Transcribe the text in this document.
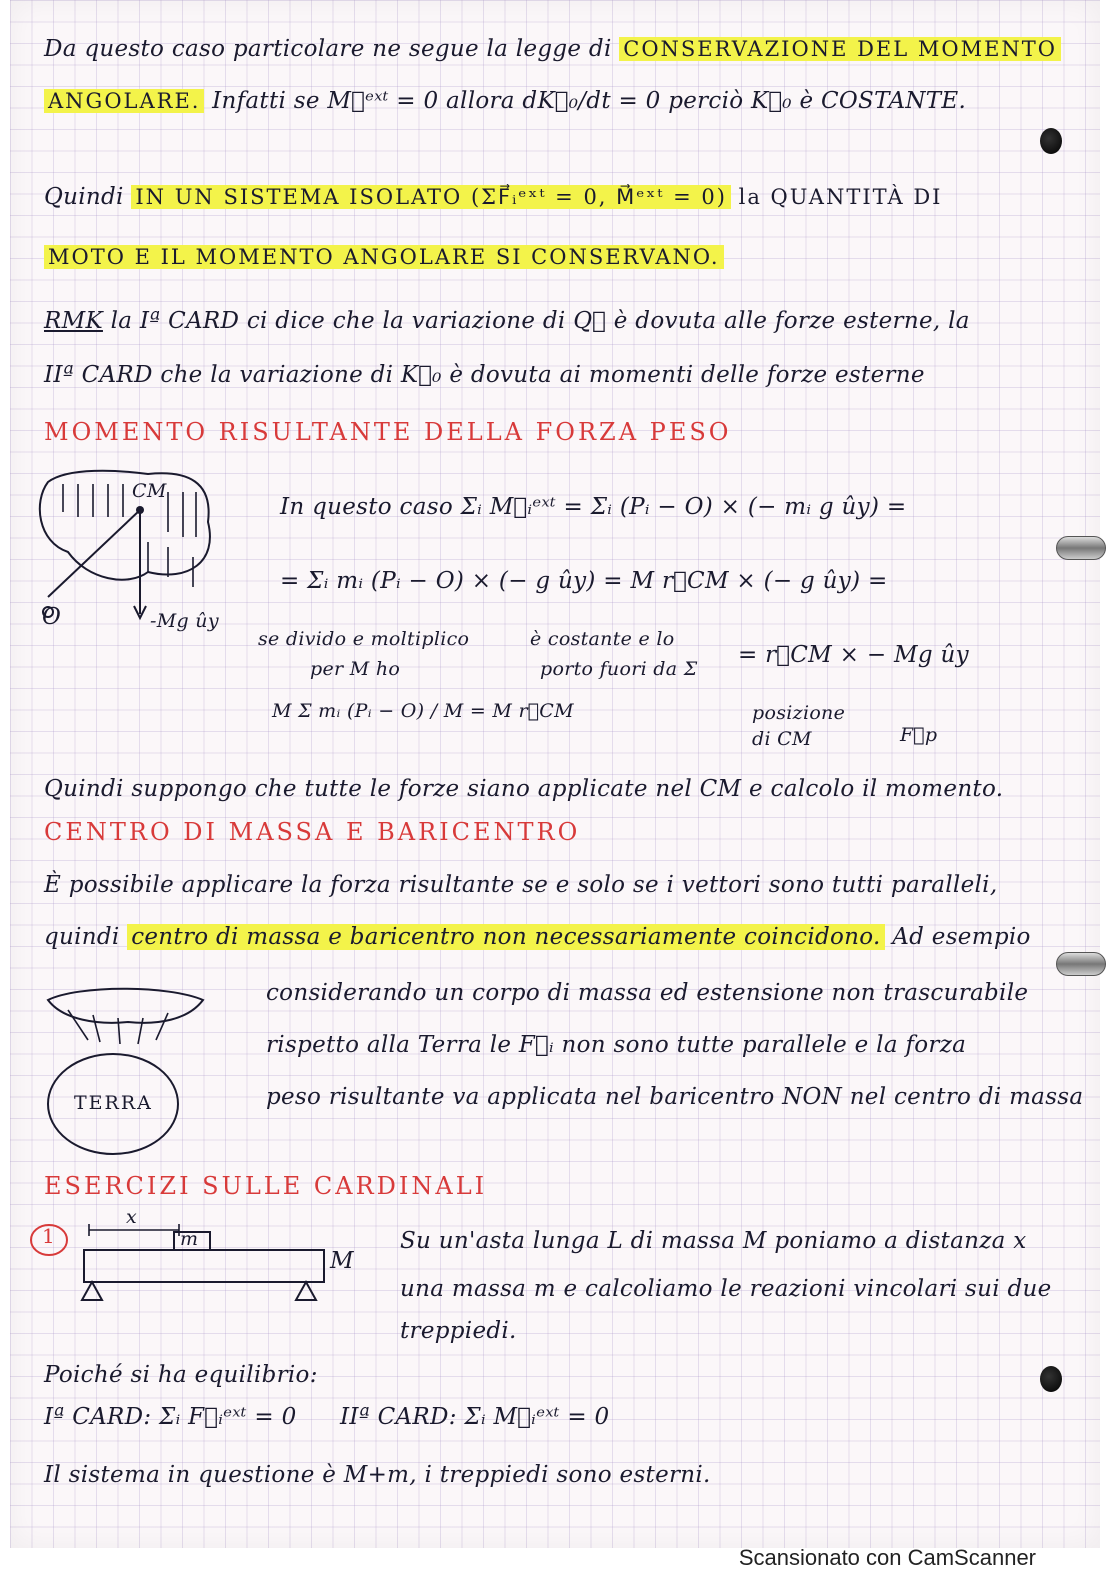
Da questo caso particolare ne segue la legge di CONSERVAZIONE DEL MOMENTO
ANGOLARE. Infatti se M⃗ᵉˣᵗ = 0 allora dK⃗₀/dt = 0 perciò K⃗₀ è COSTANTE.
Quindi IN UN SISTEMA ISOLATO (ΣF⃗ᵢᵉˣᵗ = 0, M⃗ᵉˣᵗ = 0) la QUANTITÀ DI
MOTO E IL MOMENTO ANGOLARE SI CONSERVANO.
RMK la Iª CARD ci dice che la variazione di Q⃗ è dovuta alle forze esterne, la
IIª CARD che la variazione di K⃗₀ è dovuta ai momenti delle forze esterne
MOMENTO RISULTANTE DELLA FORZA PESO
CM
O	-Mg ûy
In questo caso Σᵢ M⃗ᵢᵉˣᵗ = Σᵢ (Pᵢ − O) × (− mᵢ g ûy) =
= Σᵢ mᵢ (Pᵢ − O) × (− g ûy) = M r⃗CM × (− g ûy) =
se divido e moltiplico
per M ho
M Σ mᵢ (Pᵢ − O) / M = M r⃗CM
è costante e lo
porto fuori da Σ
= r⃗CM × − Mg ûy
posizione
di CM	F⃗p
Quindi suppongo che tutte le forze siano applicate nel CM e calcolo il momento.
CENTRO DI MASSA E BARICENTRO
È possibile applicare la forza risultante se e solo se i vettori sono tutti paralleli,
quindi centro di massa e baricentro non necessariamente coincidono. Ad esempio
considerando un corpo di massa ed estensione non trascurabile
rispetto alla Terra le F⃗ᵢ non sono tutte parallele e la forza
peso risultante va applicata nel baricentro NON nel centro di massa
TERRA
ESERCIZI SULLE CARDINALI
1
x
m
M
Su un'asta lunga L di massa M poniamo a distanza x
una massa m e calcoliamo le reazioni vincolari sui due
treppiedi.
Poiché si ha equilibrio:
Iª CARD: Σᵢ F⃗ᵢᵉˣᵗ = 0 IIª CARD: Σᵢ M⃗ᵢᵉˣᵗ = 0
Il sistema in questione è M+m, i treppiedi sono esterni.
Scansionato con CamScanner
